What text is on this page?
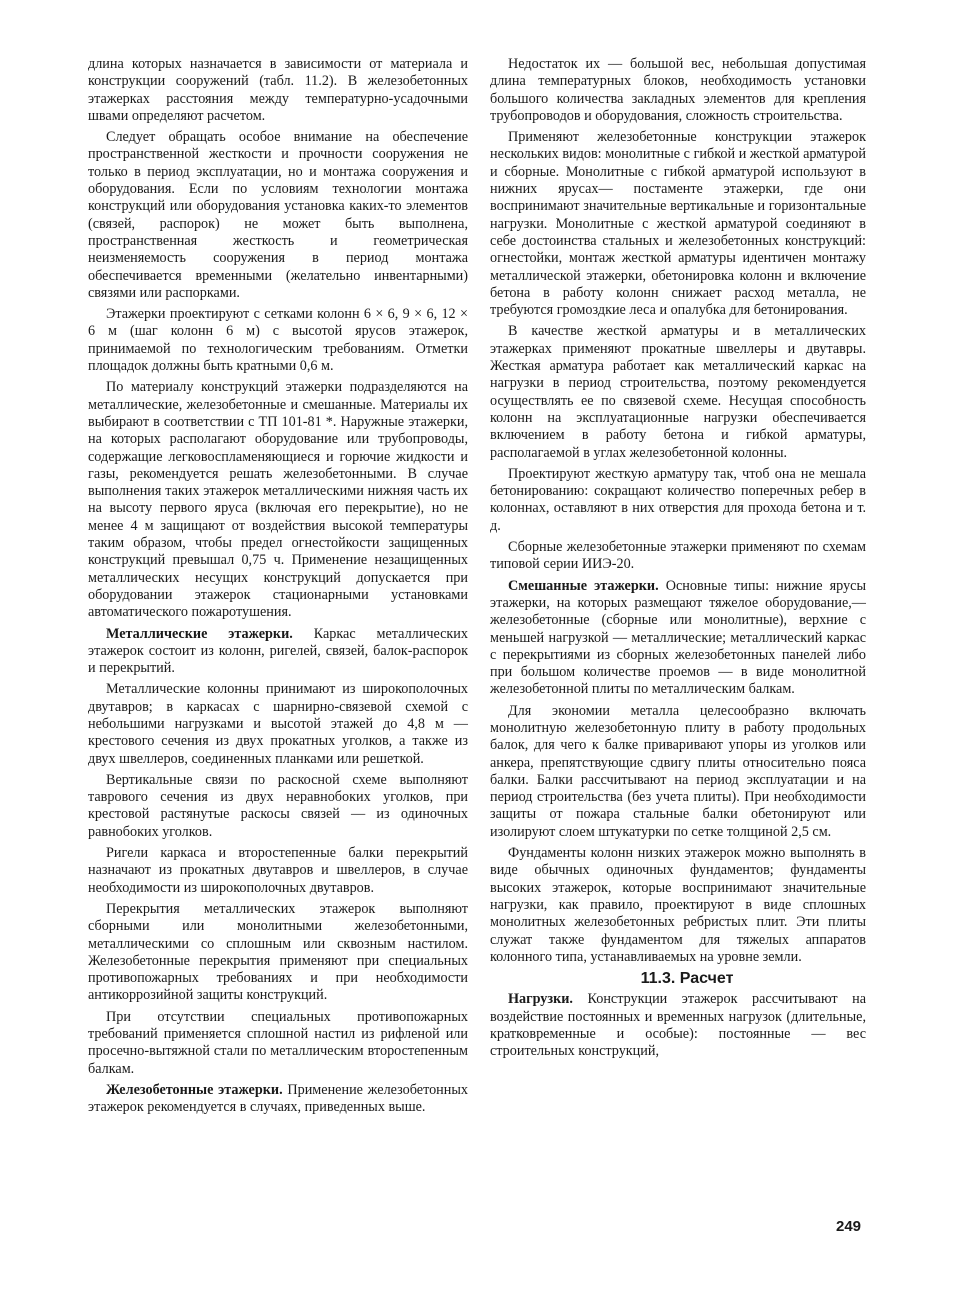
длина которых назначается в зависимости от материала и конструкции сооружений (табл. 11.2). В железобетонных этажерках расстояния между температурно-усадочными швами определяют расчетом.

Следует обращать особое внимание на обеспечение пространственной жесткости и прочности сооружения не только в период эксплуатации, но и монтажа сооружения и оборудования. Если по условиям технологии монтажа конструкций или оборудования установка каких-то элементов (связей, распорок) не может быть выполнена, пространственная жесткость и геометрическая неизменяемость сооружения в период монтажа обеспечивается временными (желательно инвентарными) связями или распорками.

Этажерки проектируют с сетками колонн 6 × 6, 9 × 6, 12 × 6 м (шаг колонн 6 м) с высотой ярусов этажерок, принимаемой по технологическим требованиям. Отметки площадок должны быть кратными 0,6 м.

По материалу конструкций этажерки подразделяются на металлические, железобетонные и смешанные. Материалы их выбирают в соответствии с ТП 101-81 *. Наружные этажерки, на которых располагают оборудование или трубопроводы, содержащие легковоспламеняющиеся и горючие жидкости и газы, рекомендуется решать железобетонными. В случае выполнения таких этажерок металлическими нижняя часть их на высоту первого яруса (включая его перекрытие), но не менее 4 м защищают от воздействия высокой температуры таким образом, чтобы предел огнестойкости защищенных конструкций превышал 0,75 ч. Применение незащищенных металлических несущих конструкций допускается при оборудовании этажерок стационарными установками автоматического пожаротушения.

Металлические этажерки. Каркас металлических этажерок состоит из колонн, ригелей, связей, балок-распорок и перекрытий.

Металлические колонны принимают из широкополочных двутавров; в каркасах с шарнирно-связевой схемой с небольшими нагрузками и высотой этажей до 4,8 м — крестового сечения из двух прокатных уголков, а также из двух швеллеров, соединенных планками или решеткой.

Вертикальные связи по раскосной схеме выполняют таврового сечения из двух неравнобоких уголков, при крестовой растянутые раскосы связей — из одиночных равнобоких уголков.

Ригели каркаса и второстепенные балки перекрытий назначают из прокатных двутавров и швеллеров, в случае необходимости из широкополочных двутавров.

Перекрытия металлических этажерок выполняют сборными или монолитными железобетонными, металлическими со сплошным или сквозным настилом. Железобетонные перекрытия применяют при специальных противопожарных требованиях и при необходимости антикоррозийной защиты конструкций.

При отсутствии специальных противопожарных требований применяется сплошной настил из рифленой или просечно-вытяжной стали по металлическим второстепенным балкам.

Железобетонные этажерки. Применение железобетонных этажерок рекомендуется в случаях, приведенных выше.

Недостаток их — большой вес, небольшая допустимая длина температурных блоков, необходимость установки большого количества закладных элементов для крепления трубопроводов и оборудования, сложность строительства.

Применяют железобетонные конструкции этажерок нескольких видов: монолитные с гибкой и жесткой арматурой и сборные. Монолитные с гибкой арматурой используют в нижних ярусах— постаменте этажерки, где они воспринимают значительные вертикальные и горизонтальные нагрузки. Монолитные с жесткой арматурой соединяют в себе достоинства стальных и железобетонных конструкций: огнестойки, монтаж жесткой арматуры идентичен монтажу металлической этажерки, обетонировка колонн и включение бетона в работу колонн снижает расход металла, не требуются громоздкие леса и опалубка для бетонирования.

В качестве жесткой арматуры и в металлических этажерках применяют прокатные швеллеры и двутавры. Жесткая арматура работает как металлический каркас на нагрузки в период строительства, поэтому рекомендуется осуществлять ее по связевой схеме. Несущая способность колонн на эксплуатационные нагрузки обеспечивается включением в работу бетона и гибкой арматуры, располагаемой в углах железобетонной колонны.

Проектируют жесткую арматуру так, чтоб она не мешала бетонированию: сокращают количество поперечных ребер в колоннах, оставляют в них отверстия для прохода бетона и т. д.

Сборные железобетонные этажерки применяют по схемам типовой серии ИИЭ-20.

Смешанные этажерки. Основные типы: нижние ярусы этажерки, на которых размещают тяжелое оборудование,— железобетонные (сборные или монолитные), верхние с меньшей нагрузкой — металлические; металлический каркас с перекрытиями из сборных железобетонных панелей либо при большом количестве проемов — в виде монолитной железобетонной плиты по металлическим балкам.

Для экономии металла целесообразно включать монолитную железобетонную плиту в работу продольных балок, для чего к балке приваривают упоры из уголков или анкера, препятствующие сдвигу плиты относительно пояса балки. Балки рассчитывают на период эксплуатации и на период строительства (без учета плиты). При необходимости защиты от пожара стальные балки обетонируют или изолируют слоем штукатурки по сетке толщиной 2,5 см.

Фундаменты колонн низких этажерок можно выполнять в виде обычных одиночных фундаментов; фундаменты высоких этажерок, которые воспринимают значительные нагрузки, как правило, проектируют в виде сплошных монолитных железобетонных ребристых плит. Эти плиты служат также фундаментом для тяжелых аппаратов колонного типа, устанавливаемых на уровне земли.

11.3. Расчет

Нагрузки. Конструкции этажерок рассчитывают на воздействие постоянных и временных нагрузок (длительные, кратковременные и особые): постоянные — вес строительных конструкций,

249
